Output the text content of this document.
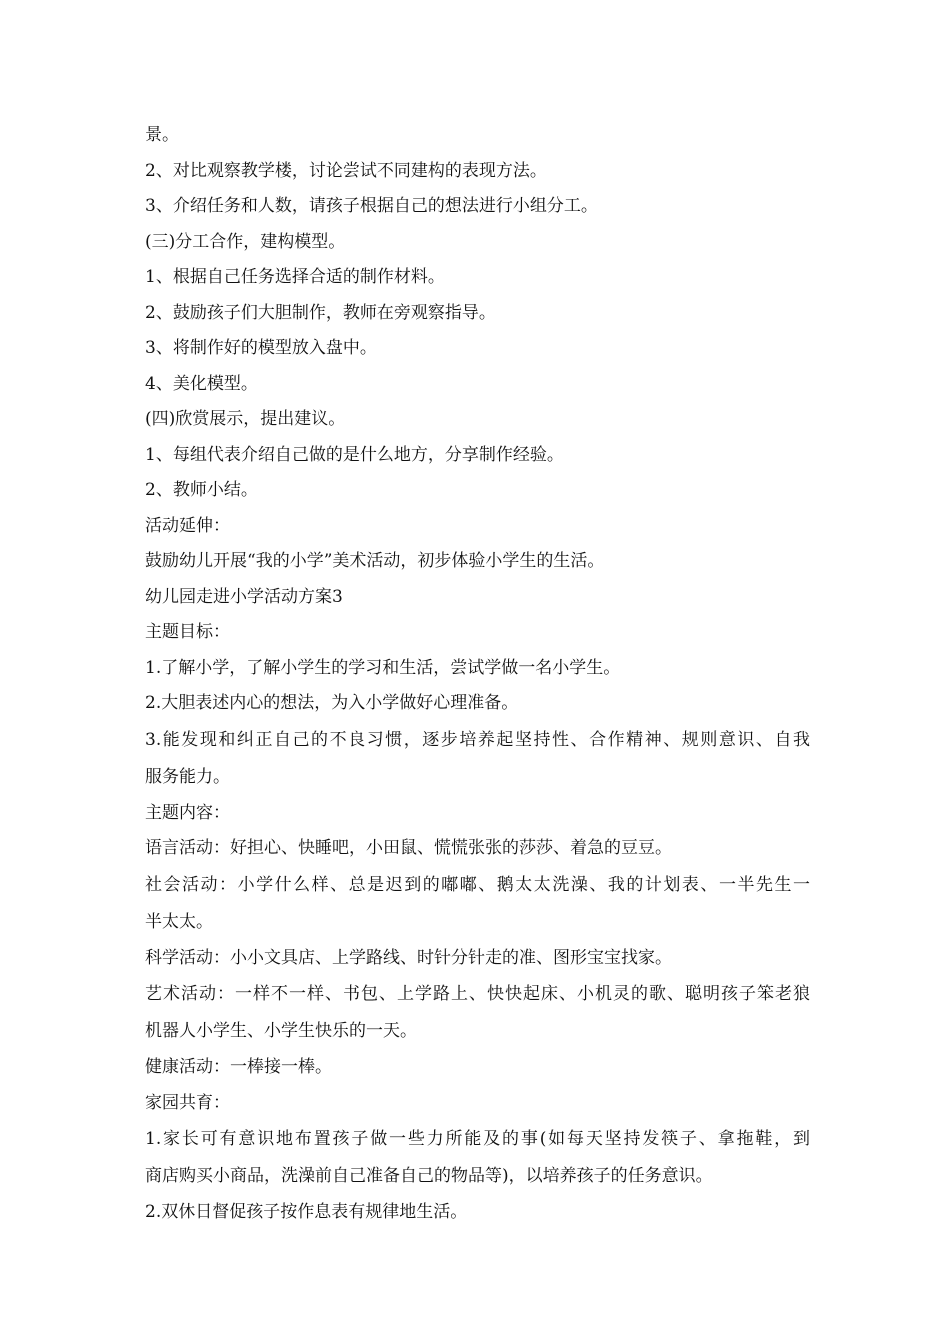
景。
2、对比观察教学楼，讨论尝试不同建构的表现方法。
3、介绍任务和人数，请孩子根据自己的想法进行小组分工。
(三)分工合作，建构模型。
1、根据自己任务选择合适的制作材料。
2、鼓励孩子们大胆制作，教师在旁观察指导。
3、将制作好的模型放入盘中。
4、美化模型。
(四)欣赏展示，提出建议。
1、每组代表介绍自己做的是什么地方，分享制作经验。
2、教师小结。
活动延伸：
鼓励幼儿开展“我的小学”美术活动，初步体验小学生的生活。
幼儿园走进小学活动方案3
主题目标：
1.了解小学，了解小学生的学习和生活，尝试学做一名小学生。
2.大胆表述内心的想法，为入小学做好心理准备。
3.能发现和纠正自己的不良习惯，逐步培养起坚持性、合作精神、规则意识、自我
服务能力。
主题内容：
语言活动：好担心、快睡吧，小田鼠、慌慌张张的莎莎、着急的豆豆。
社会活动：小学什么样、总是迟到的嘟嘟、鹅太太洗澡、我的计划表、一半先生一
半太太。
科学活动：小小文具店、上学路线、时针分针走的准、图形宝宝找家。
艺术活动：一样不一样、书包、上学路上、快快起床、小机灵的歌、聪明孩子笨老狼
机器人小学生、小学生快乐的一天。
健康活动：一棒接一棒。
家园共育：
1.家长可有意识地布置孩子做一些力所能及的事(如每天坚持发筷子、拿拖鞋，到
商店购买小商品，洗澡前自己准备自己的物品等)，以培养孩子的任务意识。
2.双休日督促孩子按作息表有规律地生活。
